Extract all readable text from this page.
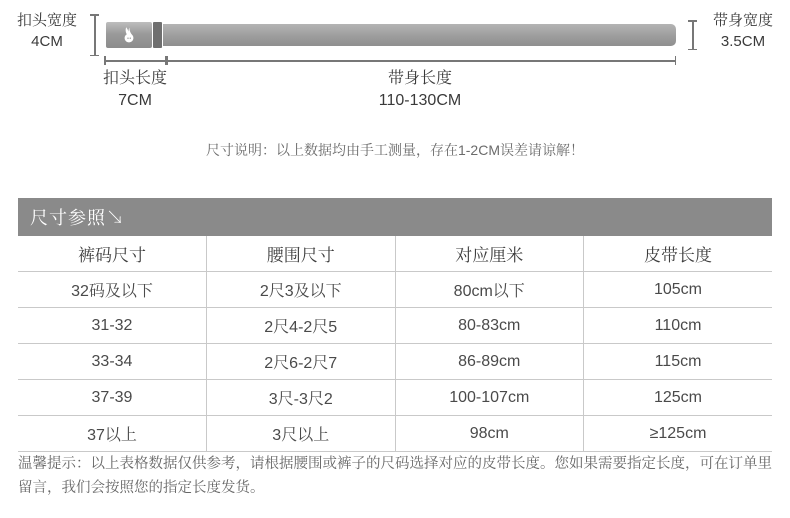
扣头宽度
4CM
带身宽度
3.5CM
扣头长度
7CM
带身长度
110-130CM
尺寸说明：以上数据均由手工测量，存在1-2CM误差请谅解！
尺寸参照↘
裤码尺寸	腰围尺寸	对应厘米	皮带长度
32码及以下	2尺3及以下	80cm以下	105cm
31-32	2尺4-2尺5	80-83cm	110cm
33-34	2尺6-2尺7	86-89cm	115cm
37-39	3尺-3尺2	100-107cm	125cm
37以上	3尺以上	98cm	≥125cm
温馨提示：以上表格数据仅供参考，请根据腰围或裤子的尺码选择对应的皮带长度。您如果需要指定长度，可在订单里留言，我们会按照您的指定长度发货。
